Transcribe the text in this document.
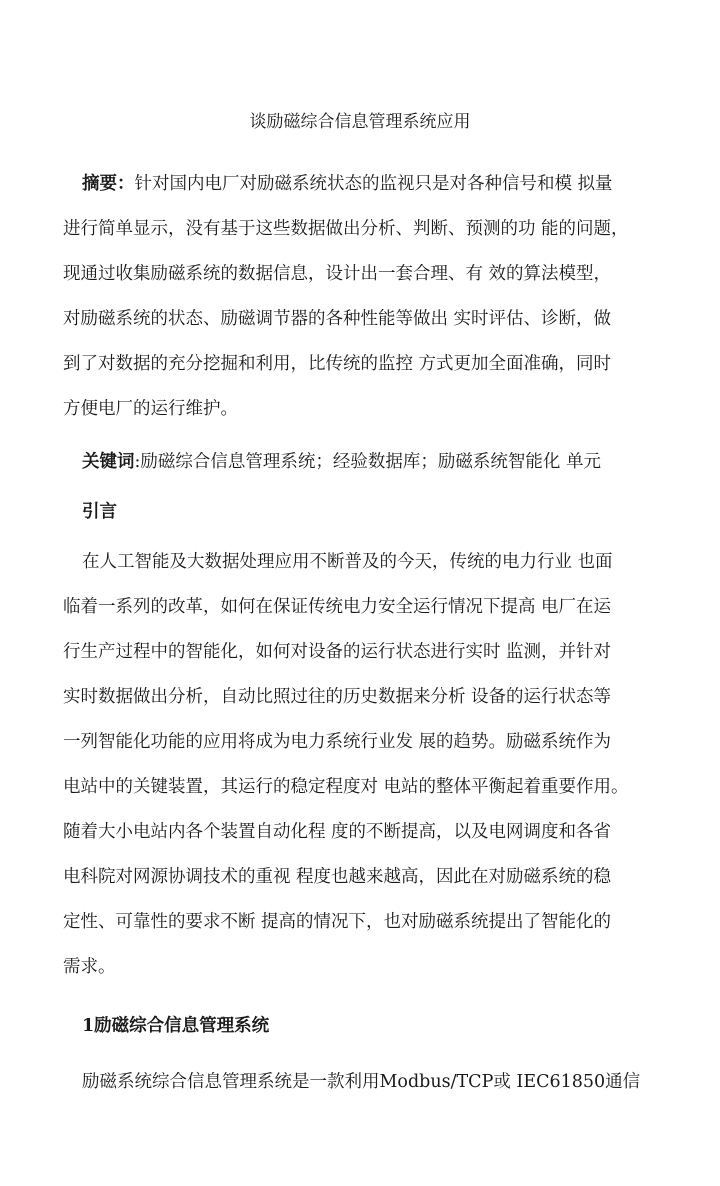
谈励磁综合信息管理系统应用
摘要：针对国内电厂对励磁系统状态的监视只是对各种信号和模 拟量
进行简单显示，没有基于这些数据做出分析、判断、预测的功 能的问题，
现通过收集励磁系统的数据信息，设计出一套合理、有 效的算法模型，
对励磁系统的状态、励磁调节器的各种性能等做出 实时评估、诊断，做
到了对数据的充分挖掘和利用，比传统的监控 方式更加全面准确，同时
方便电厂的运行维护。
关键词:励磁综合信息管理系统；经验数据库；励磁系统智能化 单元
引言
在人工智能及大数据处理应用不断普及的今天，传统的电力行业 也面
临着一系列的改革，如何在保证传统电力安全运行情况下提高 电厂在运
行生产过程中的智能化，如何对设备的运行状态进行实时 监测，并针对
实时数据做出分析，自动比照过往的历史数据来分析 设备的运行状态等
一列智能化功能的应用将成为电力系统行业发 展的趋势。励磁系统作为
电站中的关键装置，其运行的稳定程度对 电站的整体平衡起着重要作用。
随着大小电站内各个装置自动化程 度的不断提高，以及电网调度和各省
电科院对网源协调技术的重视 程度也越来越高，因此在对励磁系统的稳
定性、可靠性的要求不断 提高的情况下，也对励磁系统提出了智能化的
需求。
1励磁综合信息管理系统
励磁系统综合信息管理系统是一款利用Modbus/TCP或 IEC61850通信
